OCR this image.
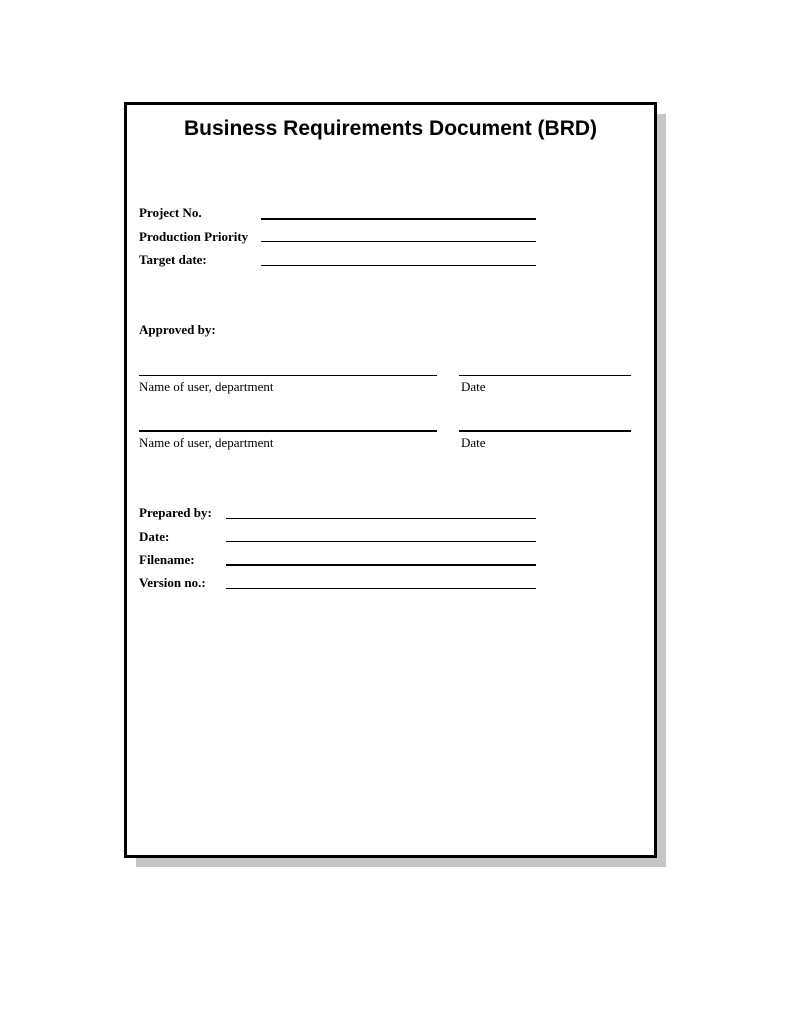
Business Requirements Document (BRD)
Project No.
Production Priority
Target date:
Approved by:
Name of user, department	Date
Name of user, department	Date
Prepared by:
Date:
Filename:
Version no.:
